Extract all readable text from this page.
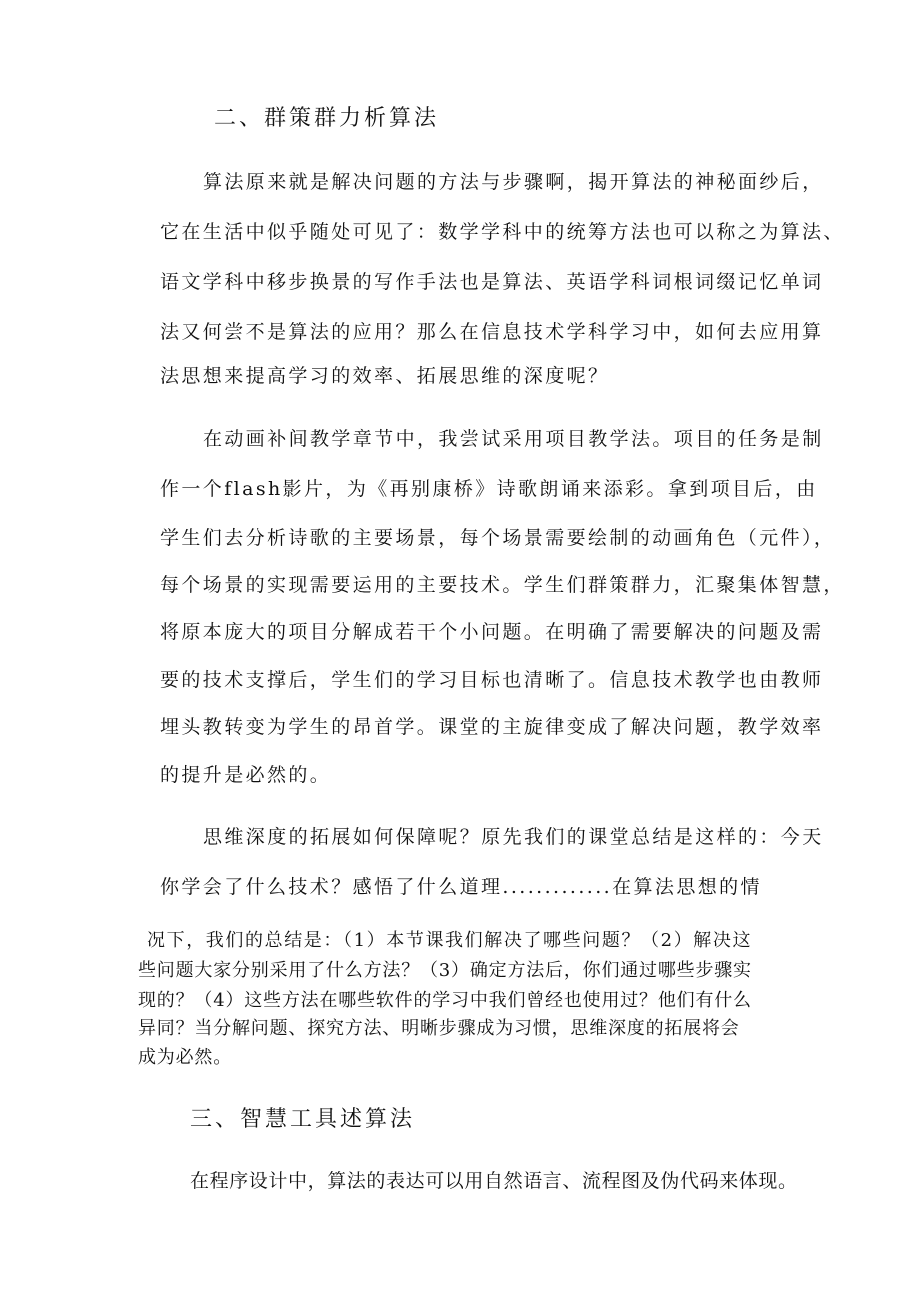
二、群策群力析算法

算法原来就是解决问题的方法与步骤啊，揭开算法的神秘面纱后，

它在生活中似乎随处可见了：数学学科中的统筹方法也可以称之为算法、

语文学科中移步换景的写作手法也是算法、英语学科词根词缀记忆单词

法又何尝不是算法的应用？那么在信息技术学科学习中，如何去应用算

法思想来提高学习的效率、拓展思维的深度呢？

在动画补间教学章节中，我尝试采用项目教学法。项目的任务是制

作一个flash影片，为《再别康桥》诗歌朗诵来添彩。拿到项目后，由

学生们去分析诗歌的主要场景，每个场景需要绘制的动画角色（元件），

每个场景的实现需要运用的主要技术。学生们群策群力，汇聚集体智慧，

将原本庞大的项目分解成若干个小问题。在明确了需要解决的问题及需

要的技术支撑后，学生们的学习目标也清晰了。信息技术教学也由教师

埋头教转变为学生的昂首学。课堂的主旋律变成了解决问题，教学效率

的提升是必然的。

思维深度的拓展如何保障呢？原先我们的课堂总结是这样的：今天

你学会了什么技术？感悟了什么道理.............在算法思想的情

况下，我们的总结是：（1）本节课我们解决了哪些问题？（2）解决这

些问题大家分别采用了什么方法？（3）确定方法后，你们通过哪些步骤实

现的？（4）这些方法在哪些软件的学习中我们曾经也使用过？他们有什么

异同？当分解问题、探究方法、明晰步骤成为习惯，思维深度的拓展将会

成为必然。

三、智慧工具述算法

在程序设计中，算法的表达可以用自然语言、流程图及伪代码来体现。
